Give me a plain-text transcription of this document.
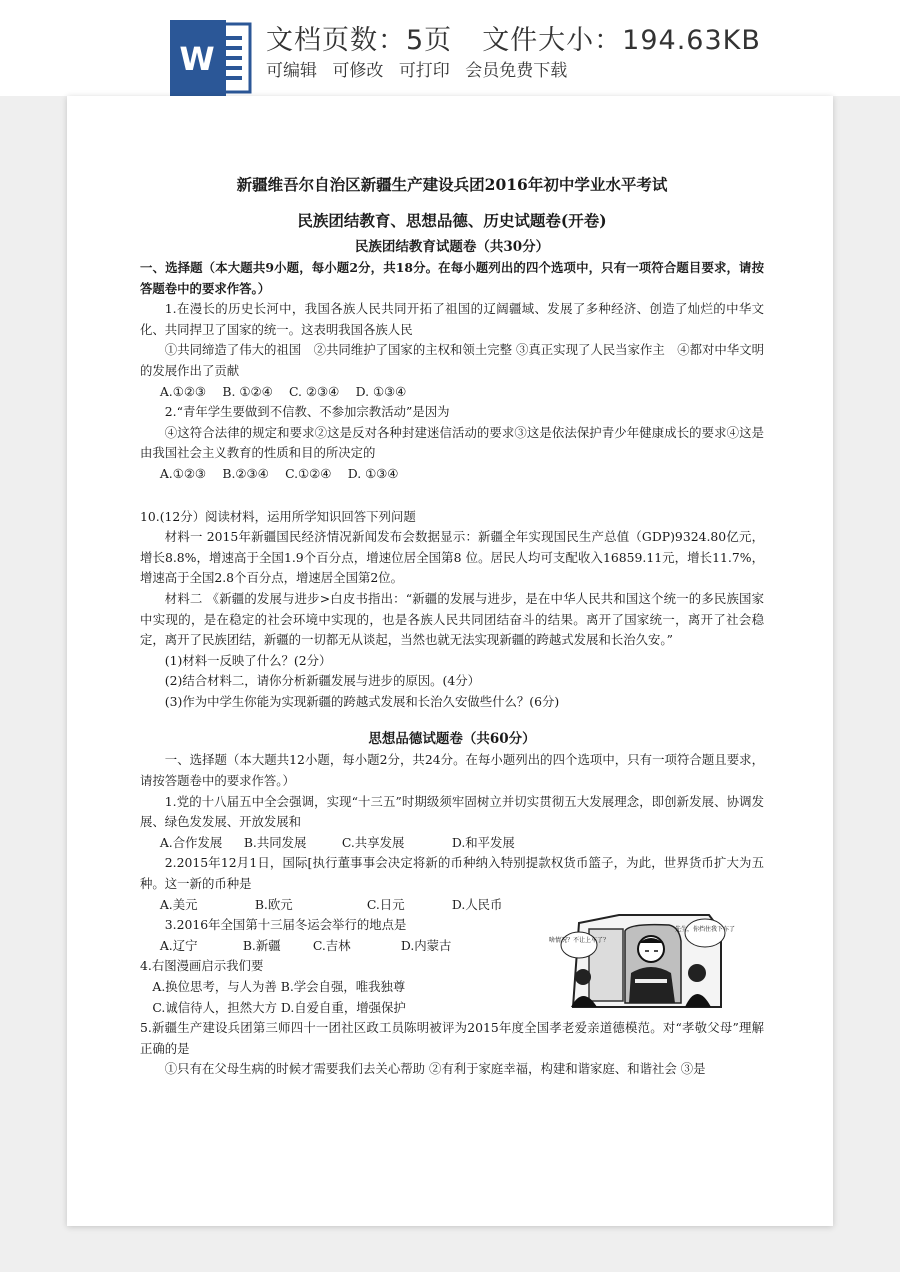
W 文档页数：5页 文件大小：194.63KB
可编辑 可修改 可打印 会员免费下载
新疆维吾尔自治区新疆生产建设兵团2016年初中学业水平考试
民族团结教育、思想品德、历史试题卷(开卷)
民族团结教育试题卷（共30分）

一、选择题（本大题共9小题，每小题2分，共18分。在每小题列出的四个选项中，只有一项符合题目要求，请按答题卷中的要求作答。）

1.在漫长的历史长河中，我国各族人民共同开拓了祖国的辽阔疆域、发展了多种经济、创造了灿烂的中华文化、共同捍卫了国家的统一。这表明我国各族人民

①共同缔造了伟大的祖国　②共同维护了国家的主权和领土完整 ③真正实现了人民当家作主　④都对中华文明的发展作出了贡献

A.①②③　 B. ①②④　 C. ②③④　 D. ①③④

2.“青年学生要做到不信教、不参加宗教活动”是因为

④这符合法律的规定和要求②这是反对各种封建迷信活动的要求③这是依法保护青少年健康成长的要求④这是由我国社会主义教育的性质和目的所决定的

A.①②③　 B.②③④　 C.①②④　 D. ①③④

10.(12分）阅读材料，运用所学知识回答下列问题

材料一 2015年新疆国民经济情况新闻发布会数据显示：新疆全年实现国民生产总值（GDP)9324.80亿元，增长8.8%，增速高于全国1.9个百分点，增速位居全国第8 位。居民人均可支配收入16859.11元，增长11.7%，增速高于全国2.8个百分点，增速居全国第2位。

材料二 《新疆的发展与进步>白皮书指出：“新疆的发展与进步，是在中华人民共和国这个统一的多民族国家中实现的，是在稳定的社会环境中实现的，也是各族人民共同团结奋斗的结果。离开了国家统一，离开了社会稳定，离开了民族团结，新疆的一切都无从谈起，当然也就无法实现新疆的跨越式发展和长治久安。”

(1)材料一反映了什么？(2分）

(2)结合材料二，请你分析新疆发展与进步的原因。(4分）

(3)作为中学生你能为实现新疆的跨越式发展和长治久安做些什么？(6分)

思想品德试题卷（共60分）

一、选择题（本大题共12小题，每小题2分，共24分。在每小题列出的四个选项中，只有一项符合题且要求，请按答题卷中的要求作答。）

1.党的十八届五中全会强调，实现“十三五”时期级须牢固树立并切实贯彻五大发展理念，即创新发展、协调发展、绿色发发展、开放发展和

A.合作发展	B.共同发展	C.共享发展	D.和平发展

2.2015年12月1日，国际[执行董事事会决定将新的币种纳入特别提款权货币篮子，为此，世界货币扩大为五种。这一新的币种是

A.美元	B.欧元	C.日元	D.人民币

3.2016年全国第十三届冬运会举行的地点是

A.辽宁	B.新疆	C.吉林	D.内蒙古

4.右图漫画启示我们要

A.换位思考，与人为善 B.学会自强，唯我独尊

C.诚信待人，担然大方 D.自爱自重，增强保护

5.新疆生产建设兵团第三师四十一团社区政工员陈明被评为2015年度全国孝老爱亲道德模范。对“孝敬父母”理解正确的是

①只有在父母生病的时候才需要我们去关心帮助 ②有利于家庭幸福，构建和谐家庭、和谐社会 ③是

啥情况？不让上车了？
先生，你挡住我下车了
